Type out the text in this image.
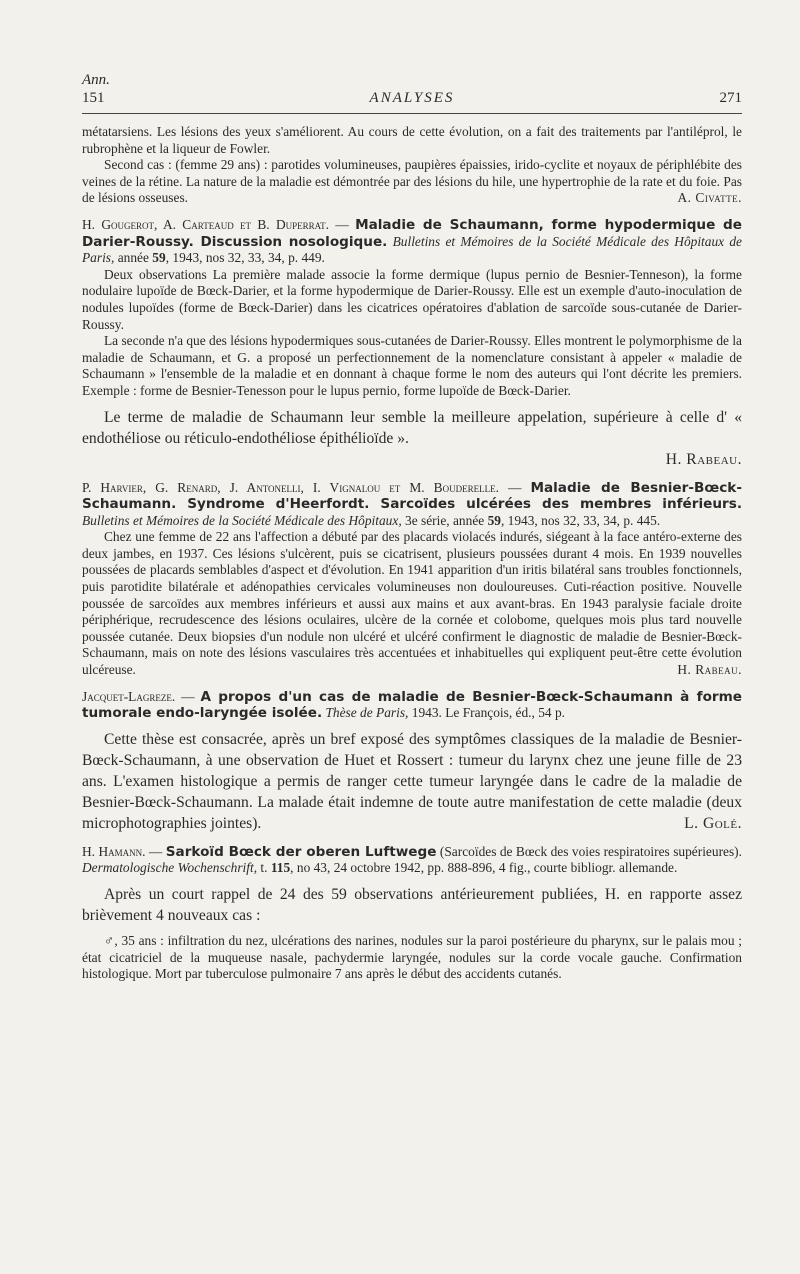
Ann.
151	ANALYSES	271

métatarsiens. Les lésions des yeux s'améliorent. Au cours de cette évolution, on a fait des traitements par l'antiléprol, le rubrophène et la liqueur de Fowler.

Second cas : (femme 29 ans) : parotides volumineuses, paupières épaissies, irido-cyclite et noyaux de périphlébite des veines de la rétine. La nature de la maladie est démontrée par des lésions du hile, une hypertrophie de la rate et du foie. Pas de lésions osseuses.	A. Civatte.

H. Gougerot, A. Carteaud et B. Duperrat. — Maladie de Schaumann, forme hypodermique de Darier-Roussy. Discussion nosologique. Bulletins et Mémoires de la Société Médicale des Hôpitaux de Paris, année 59, 1943, nos 32, 33, 34, p. 449.

Deux observations La première malade associe la forme dermique (lupus pernio de Besnier-Tenneson), la forme nodulaire lupoïde de Bœck-Darier, et la forme hypodermique de Darier-Roussy. Elle est un exemple d'auto-inoculation de nodules lupoïdes (forme de Bœck-Darier) dans les cicatrices opératoires d'ablation de sarcoïde sous-cutanée de Darier-Roussy.

La seconde n'a que des lésions hypodermiques sous-cutanées de Darier-Roussy. Elles montrent le polymorphisme de la maladie de Schaumann, et G. a proposé un perfectionnement de la nomenclature consistant à appeler « maladie de Schaumann » l'ensemble de la maladie et en donnant à chaque forme le nom des auteurs qui l'ont décrite les premiers. Exemple : forme de Besnier-Tenesson pour le lupus pernio, forme lupoïde de Bœck-Darier.

Le terme de maladie de Schaumann leur semble la meilleure appelation, supérieure à celle d' « endothéliose ou réticulo-endothéliose épithélioïde ».

H. Rabeau.

P. Harvier, G. Renard, J. Antonelli, I. Vignalou et M. Bouderelle. — Maladie de Besnier-Bœck-Schaumann. Syndrome d'Heerfordt. Sarcoïdes ulcérées des membres inférieurs. Bulletins et Mémoires de la Société Médicale des Hôpitaux, 3e série, année 59, 1943, nos 32, 33, 34, p. 445.

Chez une femme de 22 ans l'affection a débuté par des placards violacés indurés, siégeant à la face antéro-externe des deux jambes, en 1937. Ces lésions s'ulcèrent, puis se cicatrisent, plusieurs poussées durant 4 mois. En 1939 nouvelles poussées de placards semblables d'aspect et d'évolution. En 1941 apparition d'un iritis bilatéral sans troubles fonctionnels, puis parotidite bilatérale et adénopathies cervicales volumineuses non douloureuses. Cuti-réaction positive. Nouvelle poussée de sarcoïdes aux membres inférieurs et aussi aux mains et aux avant-bras. En 1943 paralysie faciale droite périphérique, recrudescence des lésions oculaires, ulcère de la cornée et colobome, quelques mois plus tard nouvelle poussée cutanée. Deux biopsies d'un nodule non ulcéré et ulcéré confirment le diagnostic de maladie de Besnier-Bœck-Schaumann, mais on note des lésions vasculaires très accentuées et inhabituelles qui expliquent peut-être cette évolution ulcéreuse.	H. Rabeau.

Jacquet-Lagreze. — A propos d'un cas de maladie de Besnier-Bœck-Schaumann à forme tumorale endo-laryngée isolée. Thèse de Paris, 1943. Le François, éd., 54 p.

Cette thèse est consacrée, après un bref exposé des symptômes classiques de la maladie de Besnier-Bœck-Schaumann, à une observation de Huet et Rossert : tumeur du larynx chez une jeune fille de 23 ans. L'examen histologique a permis de ranger cette tumeur laryngée dans le cadre de la maladie de Besnier-Bœck-Schaumann. La malade était indemne de toute autre manifestation de cette maladie (deux microphotographies jointes).	L. Golé.

H. Hamann. — Sarkoïd Bœck der oberen Luftwege (Sarcoïdes de Bœck des voies respiratoires supérieures). Dermatologische Wochenschrift, t. 115, no 43, 24 octobre 1942, pp. 888-896, 4 fig., courte bibliogr. allemande.

Après un court rappel de 24 des 59 observations antérieurement publiées, H. en rapporte assez brièvement 4 nouveaux cas :

♂, 35 ans : infiltration du nez, ulcérations des narines, nodules sur la paroi postérieure du pharynx, sur le palais mou ; état cicatriciel de la muqueuse nasale, pachydermie laryngée, nodules sur la corde vocale gauche. Confirmation histologique. Mort par tuberculose pulmonaire 7 ans après le début des accidents cutanés.
